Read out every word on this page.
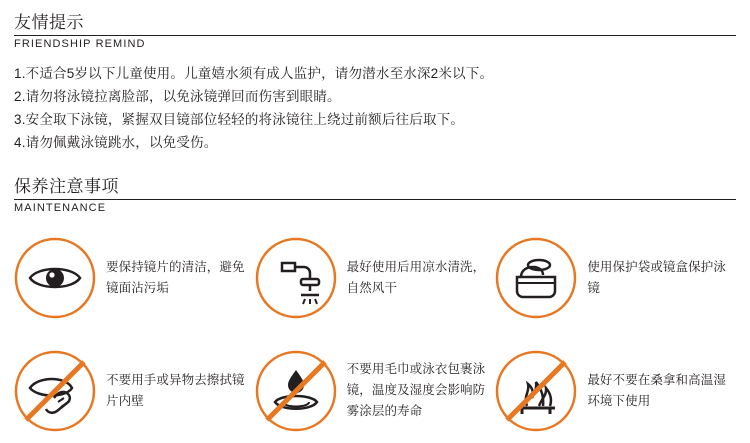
友情提示
FRIENDSHIP REMIND
1.不适合5岁以下儿童使用。儿童嬉水须有成人监护，请勿潜水至水深2米以下。
2.请勿将泳镜拉离脸部，以免泳镜弹回而伤害到眼睛。
3.安全取下泳镜，紧握双目镜部位轻轻的将泳镜往上绕过前额后往后取下。
4.请勿佩戴泳镜跳水，以免受伤。
保养注意事项
MAINTENANCE
要保持镜片的清洁，避免镜面沾污垢
最好使用后用凉水清洗，自然风干
使用保护袋或镜盒保护泳镜
不要用手或异物去擦拭镜片内壁
不要用毛巾或泳衣包裹泳镜，温度及湿度会影响防雾涂层的寿命
最好不要在桑拿和高温湿环境下使用
